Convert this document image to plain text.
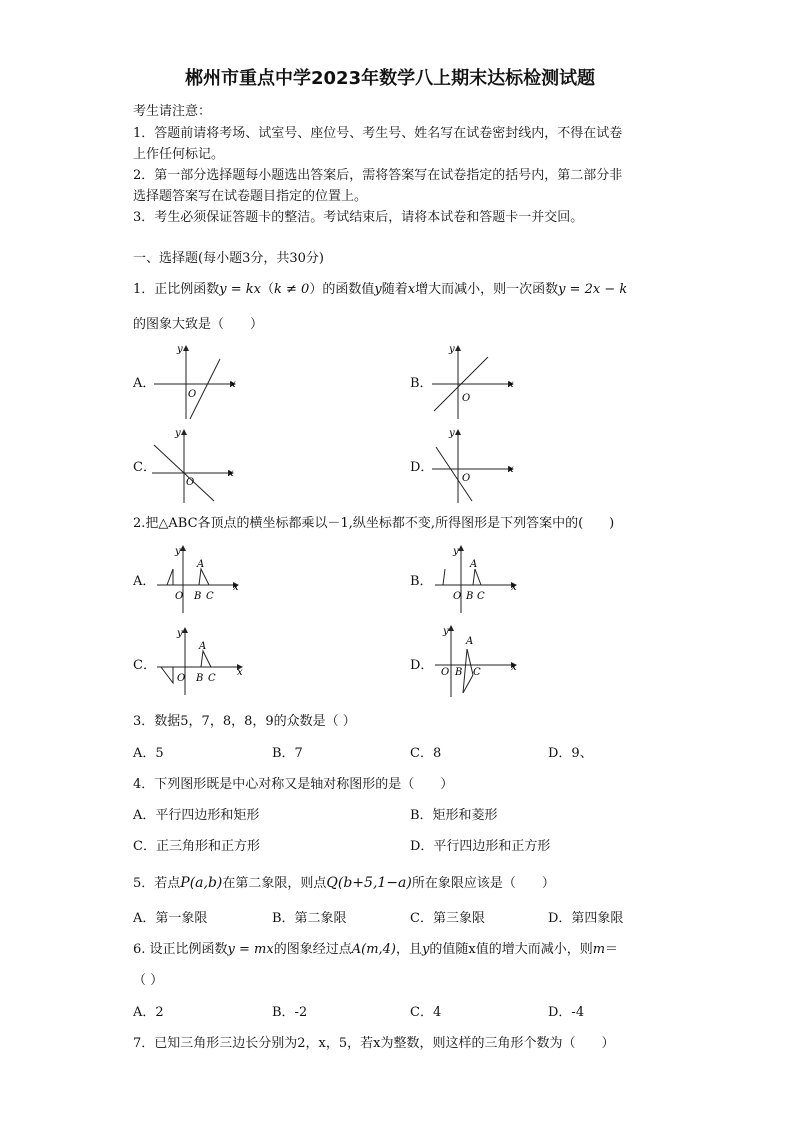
郴州市重点中学2023年数学八上期末达标检测试题
考生请注意：
1．答题前请将考场、试室号、座位号、考生号、姓名写在试卷密封线内，不得在试卷
上作任何标记。
2．第一部分选择题每小题选出答案后，需将答案写在试卷指定的括号内，第二部分非
选择题答案写在试卷题目指定的位置上。
3．考生必须保证答题卡的整洁。考试结束后，请将本试卷和答题卡一并交回。
一、选择题(每小题3分，共30分)
1．正比例函数y = kx（k ≠ 0）的函数值y随着x增大而减小，则一次函数y = 2x − k
的图象大致是（　　）
A．	B．
C．	D．
y
x
O
y
x
O
y
x
O
y
x
O
2.把△ABC各顶点的横坐标都乘以－1,纵坐标都不变,所得图形是下列答案中的(　　)
A．	B．
C．	D．
y
x
O
A
B C
y
x
O
A
B C
y
x
O
A
B C
y
x
O
A
B C
3．数据5，7，8，8，9的众数是（ ）
A．5	B．7	C．8	D．9、
4．下列图形既是中心对称又是轴对称图形的是（　　）
A．平行四边形和矩形	B．矩形和菱形
C．正三角形和正方形	D．平行四边形和正方形
5．若点P(a,b)在第二象限，则点Q(b+5,1−a)所在象限应该是（　　）
A．第一象限	B．第二象限	C．第三象限	D．第四象限
6. 设正比例函数y = mx的图象经过点A(m,4)，且y的值随x值的增大而减小，则m＝
（ ）
A．2	B．-2	C．4	D．-4
7．已知三角形三边长分别为2，x，5，若x为整数，则这样的三角形个数为（　　）
